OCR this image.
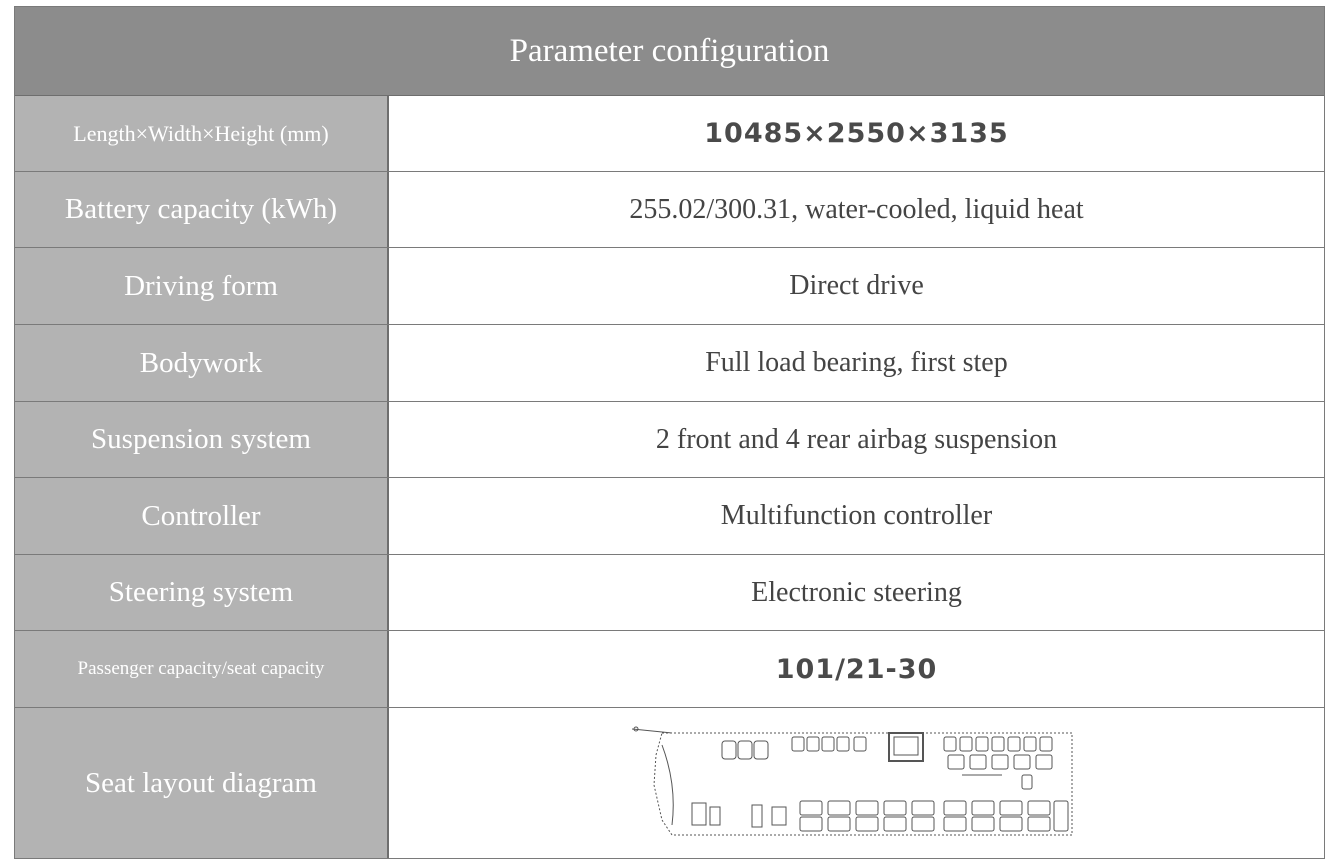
Parameter configuration
Length×Width×Height (mm)	10485×2550×3135
Battery capacity (kWh)	255.02/300.31, water-cooled, liquid heat
Driving form	Direct drive
Bodywork	Full load bearing, first step
Suspension system	2 front and 4 rear airbag suspension
Controller	Multifunction controller
Steering system	Electronic steering
Passenger capacity/seat capacity	101/21-30
Seat layout diagram
